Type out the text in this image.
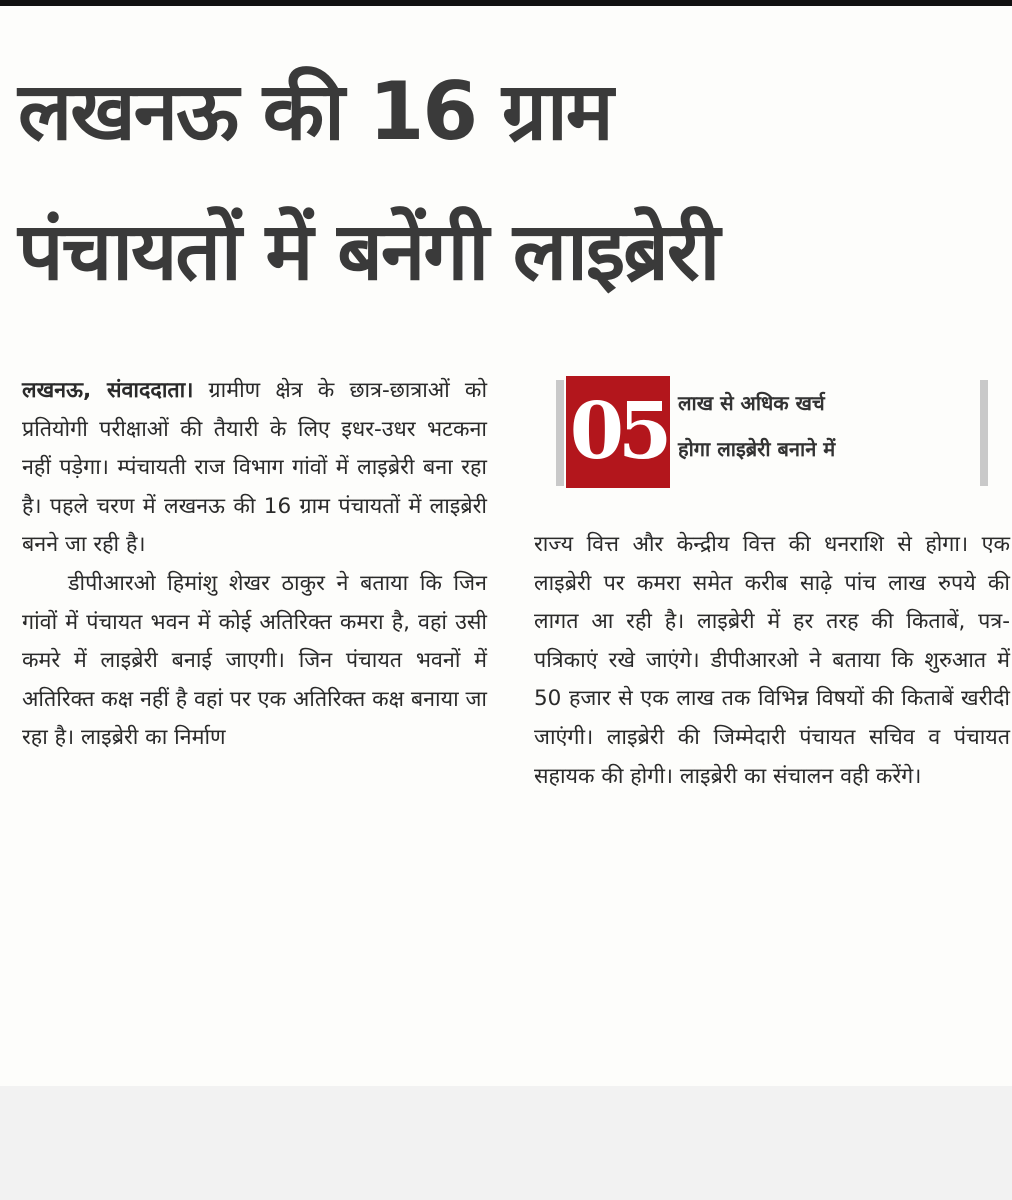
लखनऊ की 16 ग्राम
पंचायतों में बनेंगी लाइब्रेरी

लखनऊ, संवाददाता। ग्रामीण क्षेत्र के छात्र-छात्राओं को प्रतियोगी परीक्षाओं की तैयारी के लिए इधर-उधर भटकना नहीं पड़ेगा। म्पंचायती राज विभाग गांवों में लाइब्रेरी बना रहा है। पहले चरण में लखनऊ की 16 ग्राम पंचायतों में लाइब्रेरी बनने जा रही है।

डीपीआरओ हिमांशु शेखर ठाकुर ने बताया कि जिन गांवों में पंचायत भवन में कोई अतिरिक्त कमरा है, वहां उसी कमरे में लाइब्रेरी बनाई जाएगी। जिन पंचायत भवनों में अतिरिक्त कक्ष नहीं है वहां पर एक अतिरिक्त कक्ष बनाया जा रहा है। लाइब्रेरी का निर्माण

05 लाख से अधिक खर्च
होगा लाइब्रेरी बनाने में

राज्य वित्त और केन्द्रीय वित्त की धनराशि से होगा। एक लाइब्रेरी पर कमरा समेत करीब साढ़े पांच लाख रुपये की लागत आ रही है। लाइब्रेरी में हर तरह की किताबें, पत्र-पत्रिकाएं रखे जाएंगे। डीपीआरओ ने बताया कि शुरुआत में 50 हजार से एक लाख तक विभिन्न विषयों की किताबें खरीदी जाएंगी। लाइब्रेरी की जिम्मेदारी पंचायत सचिव व पंचायत सहायक की होगी। लाइब्रेरी का संचालन वही करेंगे।
